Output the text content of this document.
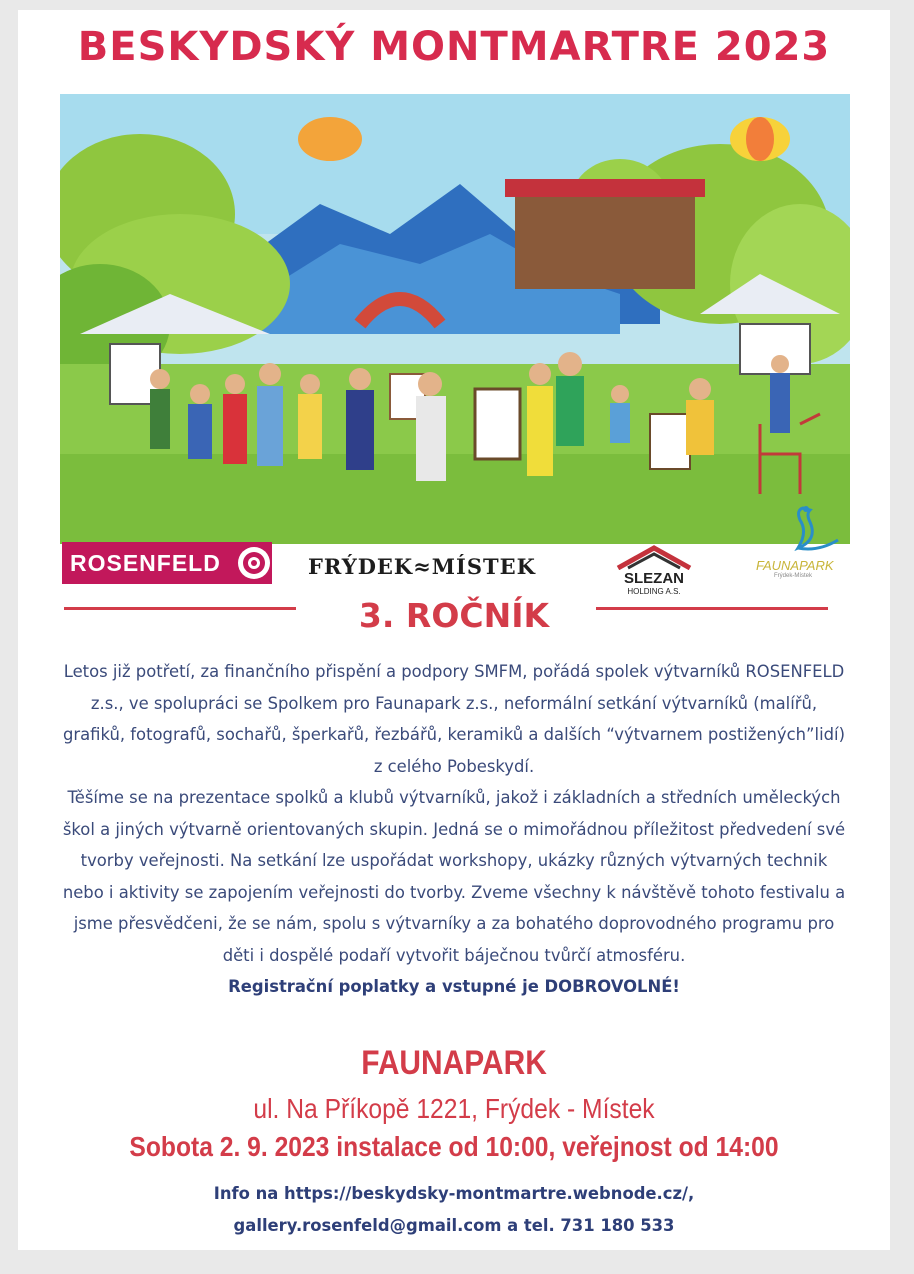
BESKYDSKÝ MONTMARTRE 2023
ROSENFELD	FRÝDEK≈MÍSTEK	SLEZAN
HOLDING A.S.
FAUNAPARK
Frýdek-Místek
3. ROČNÍK

Letos již potřetí, za finančního přispění a podpory SMFM, pořádá spolek výtvarníků ROSENFELD z.s., ve spolupráci se Spolkem pro Faunapark z.s., neformální setkání výtvarníků (malířů, grafiků, fotografů, sochařů, šperkařů, řezbářů, keramiků a dalších “výtvarnem postižených”lidí) z celého Pobeskydí.

Těšíme se na prezentace spolků a klubů výtvarníků, jakož i základních a středních uměleckých škol a jiných výtvarně orientovaných skupin. Jedná se o mimořádnou příležitost předvedení své tvorby veřejnosti. Na setkání lze uspořádat workshopy, ukázky různých výtvarných technik nebo i aktivity se zapojením veřejnosti do tvorby. Zveme všechny k návštěvě tohoto festivalu a jsme přesvědčeni, že se nám, spolu s výtvarníky a za bohatého doprovodného programu pro děti i dospělé podaří vytvořit báječnou tvůrčí atmosféru.

Registrační poplatky a vstupné je DOBROVOLNÉ!

FAUNAPARK
ul. Na Příkopě 1221, Frýdek - Místek
Sobota 2. 9. 2023 instalace od 10:00, veřejnost od 14:00
Info na https://beskydsky-montmartre.webnode.cz/,
gallery.rosenfeld@gmail.com a tel. 731 180 533
